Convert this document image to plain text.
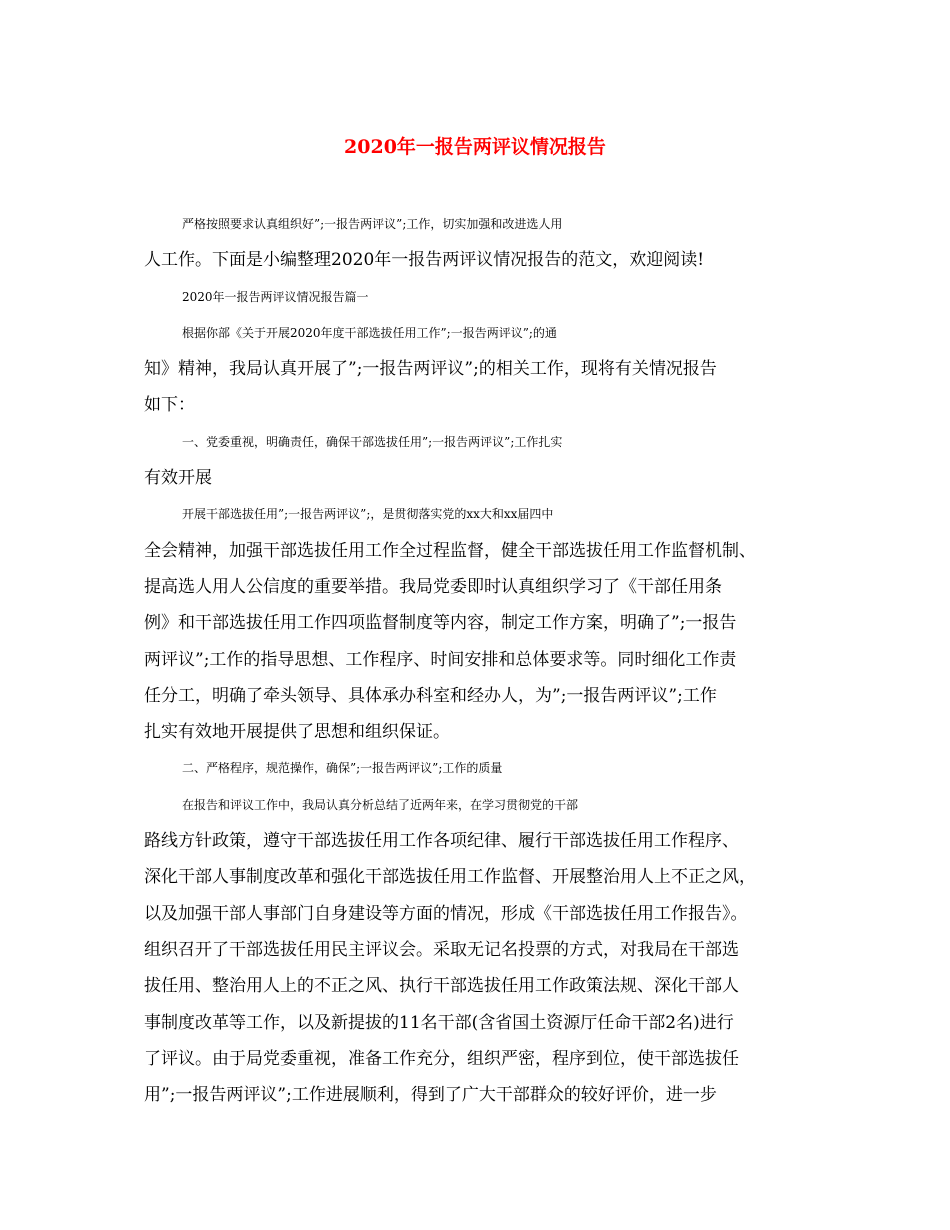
2020年一报告两评议情况报告
严格按照要求认真组织好”;一报告两评议”;工作，切实加强和改进选人用
人工作。下面是小编整理2020年一报告两评议情况报告的范文，欢迎阅读!
2020年一报告两评议情况报告篇一
根据你部《关于开展2020年度干部选拔任用工作”;一报告两评议”;的通
知》精神，我局认真开展了”;一报告两评议”;的相关工作，现将有关情况报告
如下：
一、党委重视，明确责任，确保干部选拔任用”;一报告两评议”;工作扎实
有效开展
开展干部选拔任用”;一报告两评议”;，是贯彻落实党的xx大和xx届四中
全会精神，加强干部选拔任用工作全过程监督，健全干部选拔任用工作监督机制、
提高选人用人公信度的重要举措。我局党委即时认真组织学习了《干部任用条
例》和干部选拔任用工作四项监督制度等内容，制定工作方案，明确了”;一报告
两评议”;工作的指导思想、工作程序、时间安排和总体要求等。同时细化工作责
任分工，明确了牵头领导、具体承办科室和经办人，为”;一报告两评议”;工作
扎实有效地开展提供了思想和组织保证。
二、严格程序，规范操作，确保”;一报告两评议”;工作的质量
在报告和评议工作中，我局认真分析总结了近两年来，在学习贯彻党的干部
路线方针政策，遵守干部选拔任用工作各项纪律、履行干部选拔任用工作程序、
深化干部人事制度改革和强化干部选拔任用工作监督、开展整治用人上不正之风，
以及加强干部人事部门自身建设等方面的情况，形成《干部选拔任用工作报告》。
组织召开了干部选拔任用民主评议会。采取无记名投票的方式，对我局在干部选
拔任用、整治用人上的不正之风、执行干部选拔任用工作政策法规、深化干部人
事制度改革等工作，以及新提拔的11名干部(含省国土资源厅任命干部2名)进行
了评议。由于局党委重视，准备工作充分，组织严密，程序到位，使干部选拔任
用”;一报告两评议”;工作进展顺利，得到了广大干部群众的较好评价，进一步
